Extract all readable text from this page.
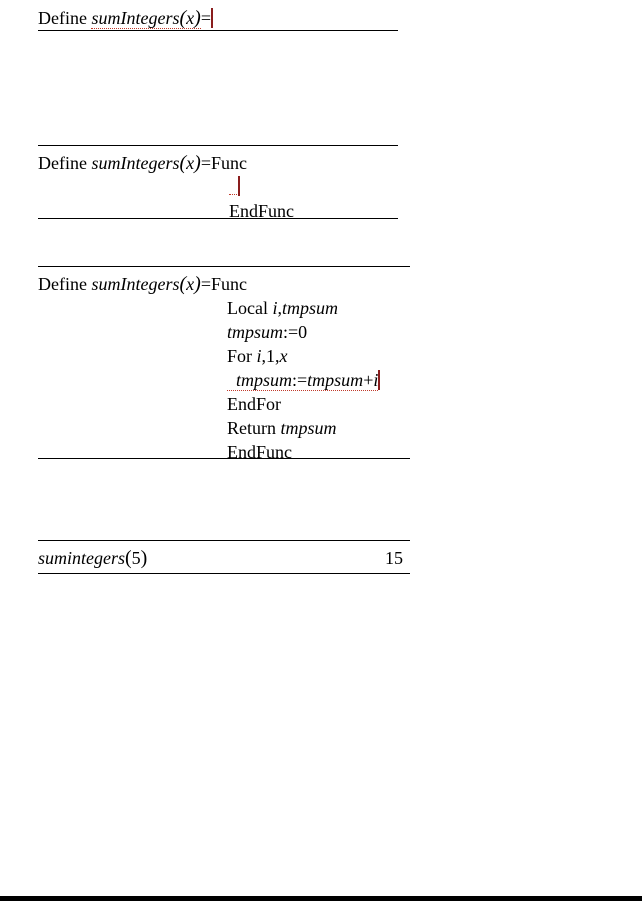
Define sumIntegers(x)=
Define sumIntegers(x)=Func
EndFunc
Define sumIntegers(x)=Func
Local i,tmpsum
tmpsum:=0
For i,1,x
tmpsum:=tmpsum+i
EndFor
Return tmpsum
EndFunc
sumintegers(5)	15
